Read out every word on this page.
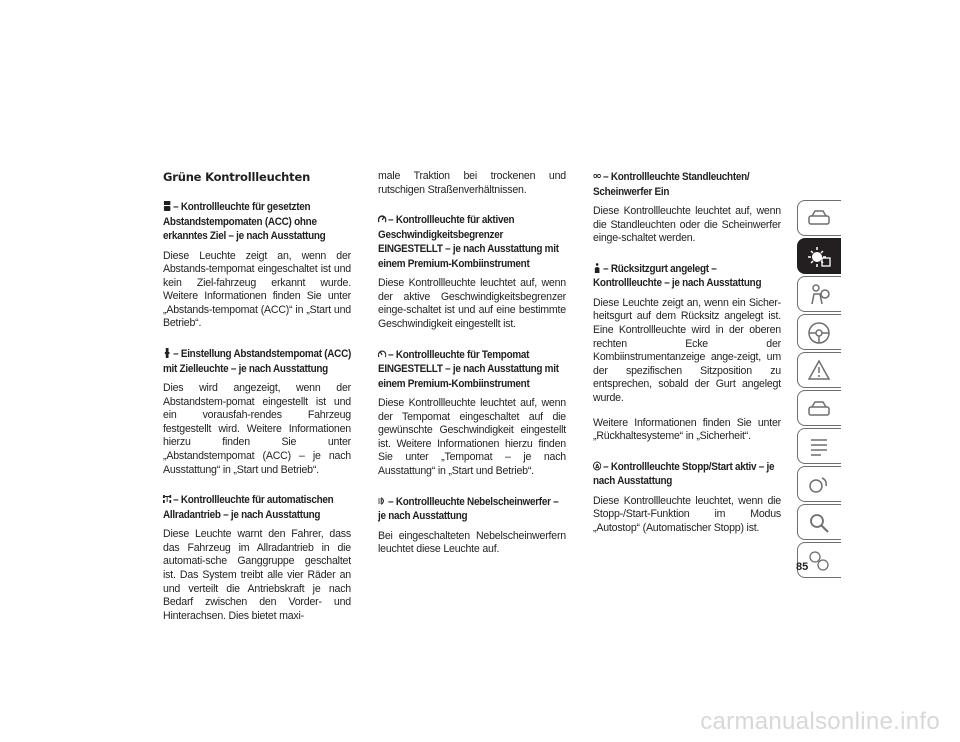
Grüne Kontrollleuchten
– Kontrollleuchte für gesetzten Abstandstempomaten (ACC) ohne erkanntes Ziel – je nach Ausstattung

Diese Leuchte zeigt an, wenn der Abstands-tempomat eingeschaltet ist und kein Ziel-fahrzeug erkannt wurde. Weitere Informationen finden Sie unter „Abstands-tempomat (ACC)“ in „Start und Betrieb“.

– Einstellung Abstandstempomat (ACC) mit Zielleuchte – je nach Ausstattung

Dies wird angezeigt, wenn der Abstandstem-pomat eingestellt ist und ein vorausfah-rendes Fahrzeug festgestellt wird. Weitere Informationen hierzu finden Sie unter „Abstandstempomat (ACC) – je nach Ausstattung“ in „Start und Betrieb“.

– Kontrollleuchte für automatischen Allradantrieb – je nach Ausstattung

Diese Leuchte warnt den Fahrer, dass das Fahrzeug im Allradantrieb in die automati-sche Ganggruppe geschaltet ist. Das System treibt alle vier Räder an und verteilt die Antriebskraft je nach Bedarf zwischen den Vorder- und Hinterachsen. Dies bietet maxi-

male Traktion bei trockenen und rutschigen Straßenverhältnissen.

– Kontrollleuchte für aktiven Geschwindigkeitsbegrenzer EINGESTELLT – je nach Ausstattung mit einem Premium-Kombiinstrument

Diese Kontrollleuchte leuchtet auf, wenn der aktive Geschwindigkeitsbegrenzer einge-schaltet ist und auf eine bestimmte Geschwindigkeit eingestellt ist.

– Kontrollleuchte für Tempomat EINGESTELLT – je nach Ausstattung mit einem Premium-Kombiinstrument

Diese Kontrollleuchte leuchtet auf, wenn der Tempomat eingeschaltet auf die gewünschte Geschwindigkeit eingestellt ist. Weitere Informationen hierzu finden Sie unter „Tempomat – je nach Ausstattung“ in „Start und Betrieb“.

– Kontrollleuchte Nebelscheinwerfer – je nach Ausstattung

Bei eingeschalteten Nebelscheinwerfern leuchtet diese Leuchte auf.

– Kontrollleuchte Standleuchten/ Scheinwerfer Ein

Diese Kontrollleuchte leuchtet auf, wenn die Standleuchten oder die Scheinwerfer einge-schaltet werden.

– Rücksitzgurt angelegt – Kontrollleuchte – je nach Ausstattung

Diese Leuchte zeigt an, wenn ein Sicher-heitsgurt auf dem Rücksitz angelegt ist. Eine Kontrollleuchte wird in der oberen rechten Ecke der Kombiinstrumentanzeige ange-zeigt, um der spezifischen Sitzposition zu entsprechen, sobald der Gurt angelegt wurde.

Weitere Informationen finden Sie unter „Rückhaltesysteme“ in „Sicherheit“.

A – Kontrollleuchte Stopp/Start aktiv – je nach Ausstattung

Diese Kontrollleuchte leuchtet, wenn die Stopp-/Start-Funktion im Modus „Autostop“ (Automatischer Stopp) ist.

85
carmanualsonline.info
